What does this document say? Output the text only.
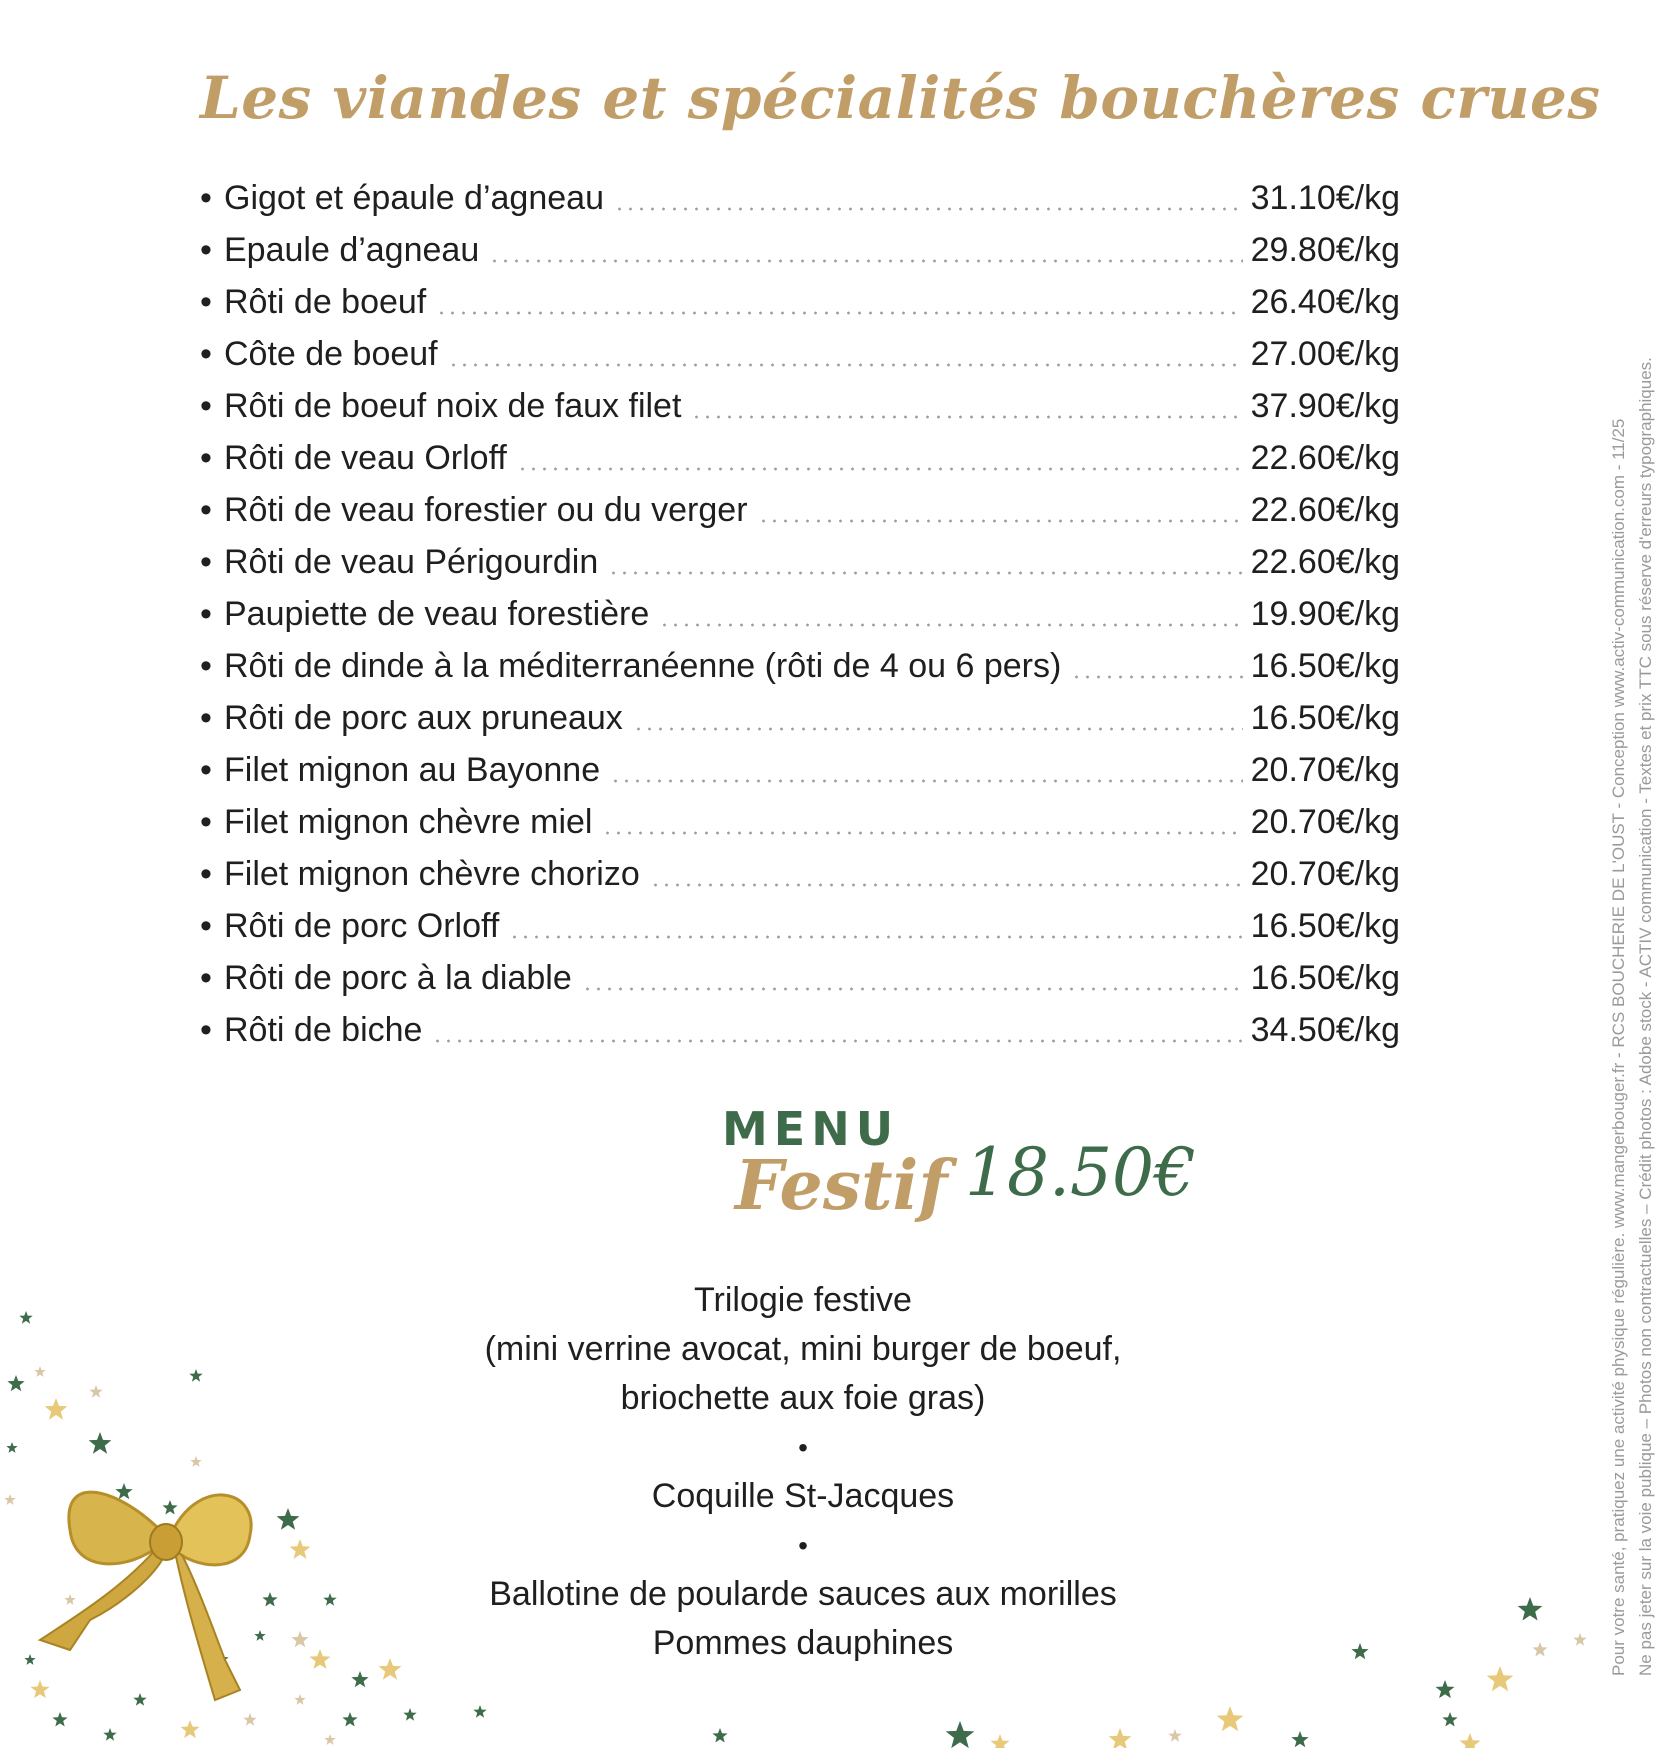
Les viandes et spécialités bouchères crues
• Gigot et épaule d’agneau	31.10€/kg
• Epaule d’agneau	29.80€/kg
• Rôti de boeuf	26.40€/kg
• Côte de boeuf	27.00€/kg
• Rôti de boeuf noix de faux filet	37.90€/kg
• Rôti de veau Orloff	22.60€/kg
• Rôti de veau forestier ou du verger	22.60€/kg
• Rôti de veau Périgourdin	22.60€/kg
• Paupiette de veau forestière	19.90€/kg
• Rôti de dinde à la méditerranéenne (rôti de 4 ou 6 pers)	16.50€/kg
• Rôti de porc aux pruneaux	16.50€/kg
• Filet mignon au Bayonne	20.70€/kg
• Filet mignon chèvre miel	20.70€/kg
• Filet mignon chèvre chorizo	20.70€/kg
• Rôti de porc Orloff	16.50€/kg
• Rôti de porc à la diable	16.50€/kg
• Rôti de biche	34.50€/kg
MENU
Festif 18.50€
Trilogie festive
(mini verrine avocat, mini burger de boeuf,
briochette aux foie gras)
•
Coquille St-Jacques
•
Ballotine de poularde sauces aux morilles
Pommes dauphines	Pour votre santé, pratiquez une activité physique régulière. www.mangerbouger.fr - RCS BOUCHERIE DE L'OUST - Conception www.activ-communication.com - 11/25 Ne pas jeter sur la voie publique – Photos non contractuelles – Crédit photos : Adobe stock - ACTIV communication - Textes et prix TTC sous réserve d'erreurs typographiques.
